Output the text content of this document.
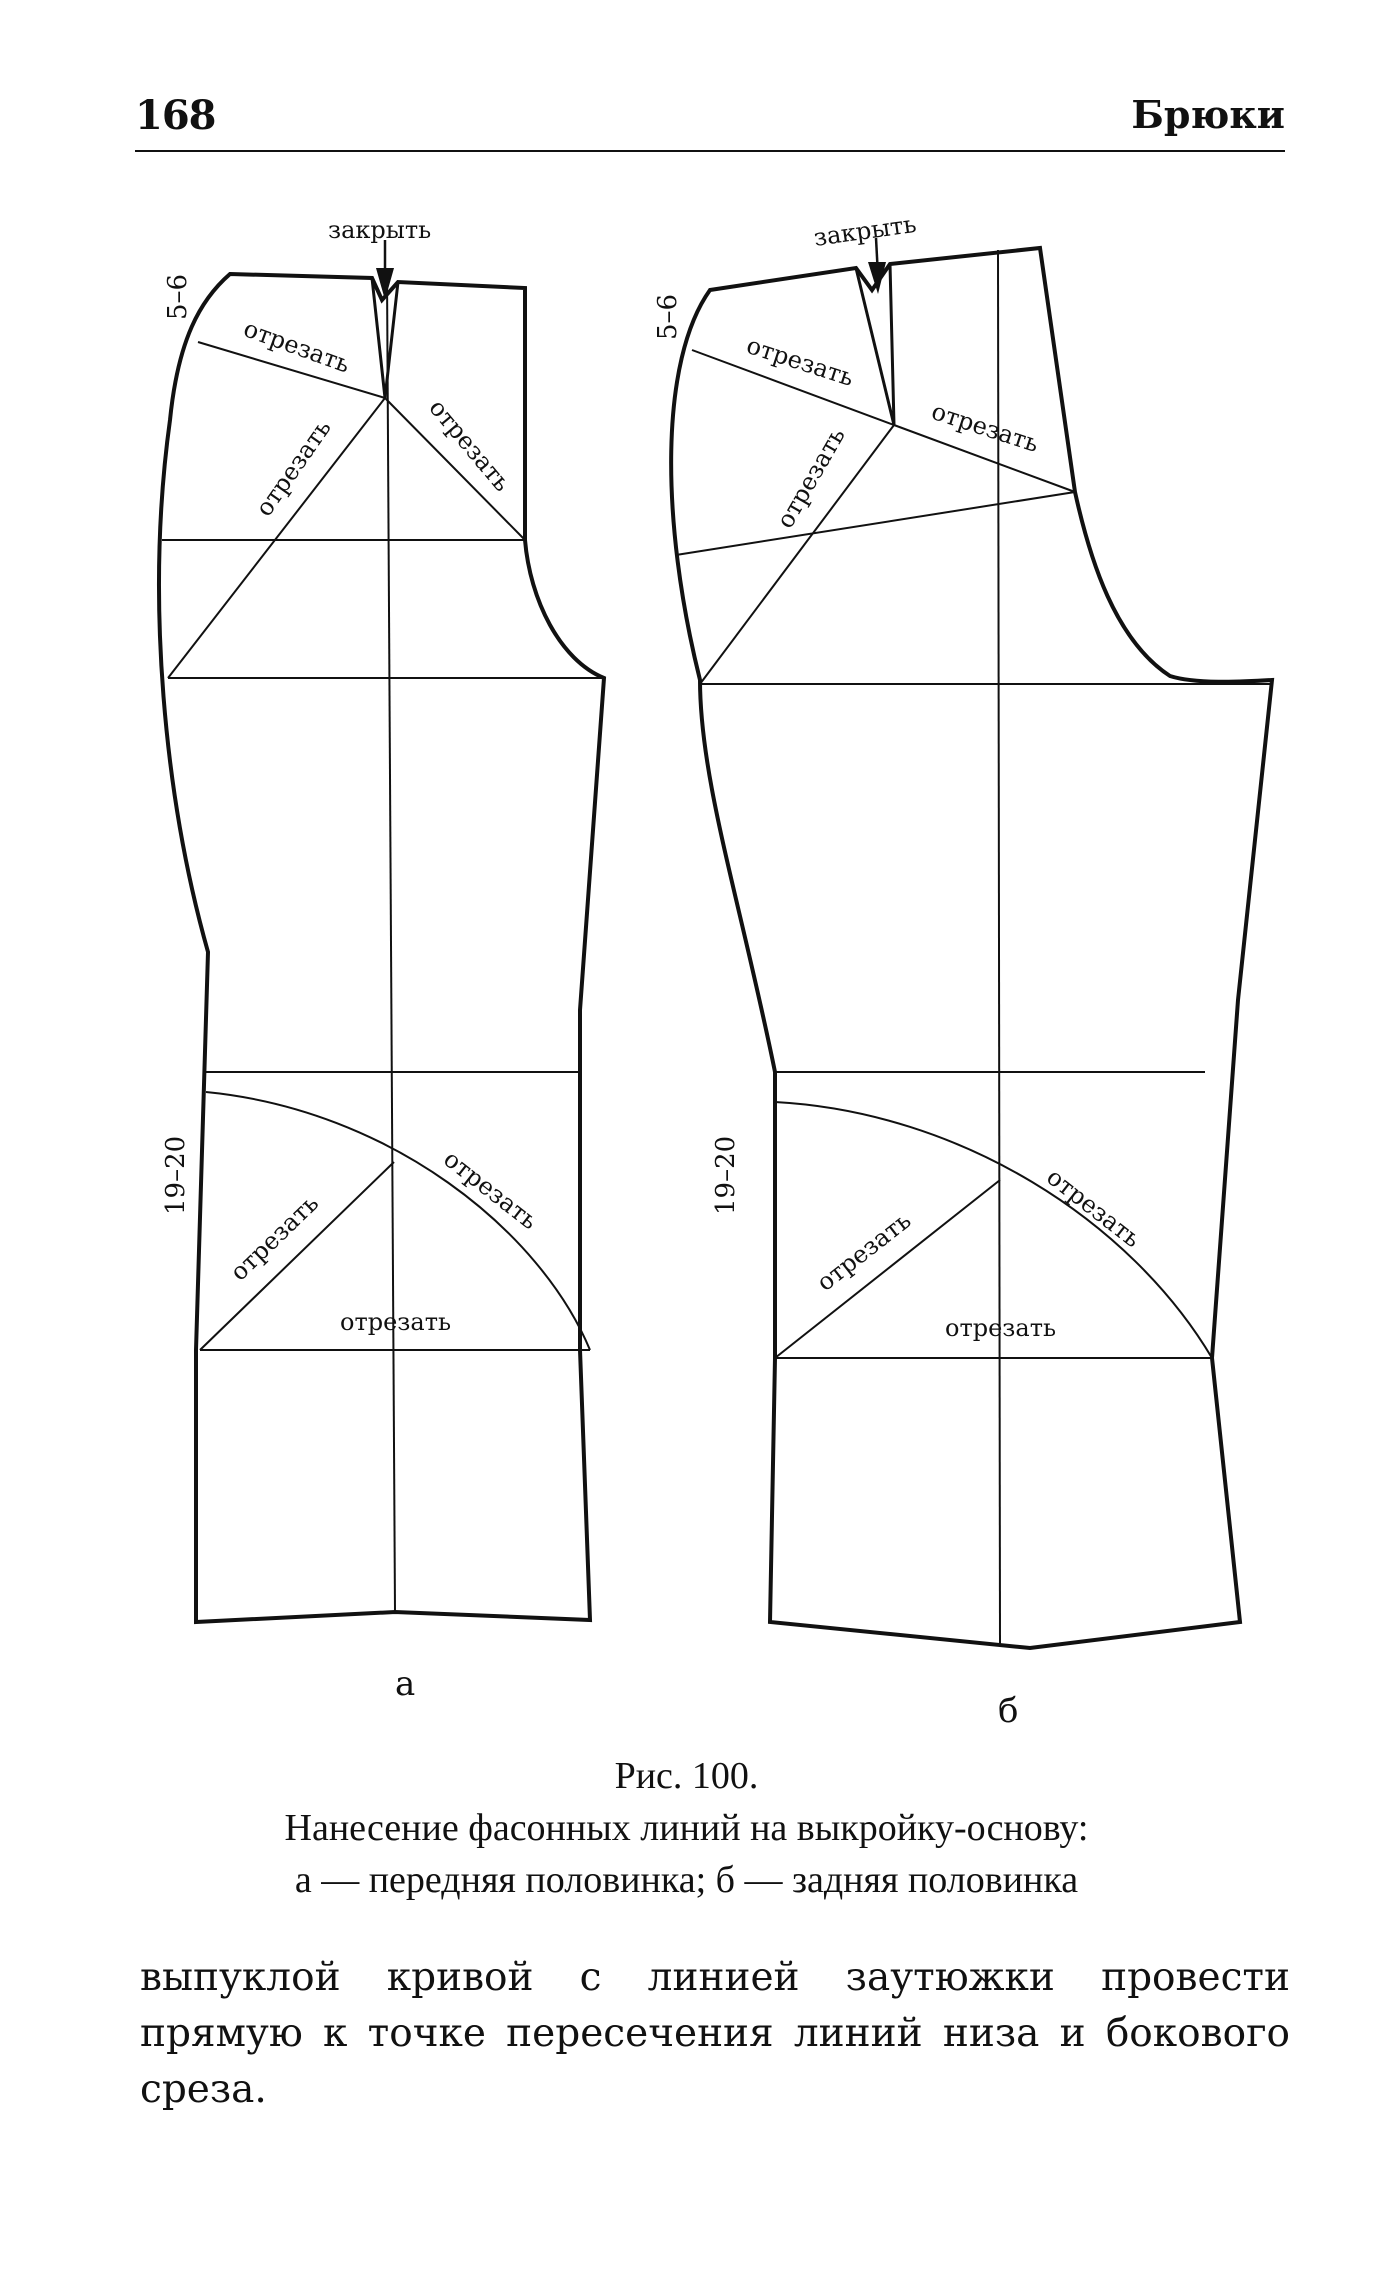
168	Брюки
закрыть
5–6
19–20
отрезать
отрезать	отрезать
отрезать	отрезать
отрезать
а
закрыть
5–6
19–20
отрезать
отрезать	отрезать
отрезать	отрезать
отрезать
б
Рис. 100.
Нанесение фасонных линий на выкройку-основу:
а — передняя половинка; б — задняя половинка
выпуклой кривой с линией заутюжки провести
прямую к точке пересечения линий низа и бокового
среза.
